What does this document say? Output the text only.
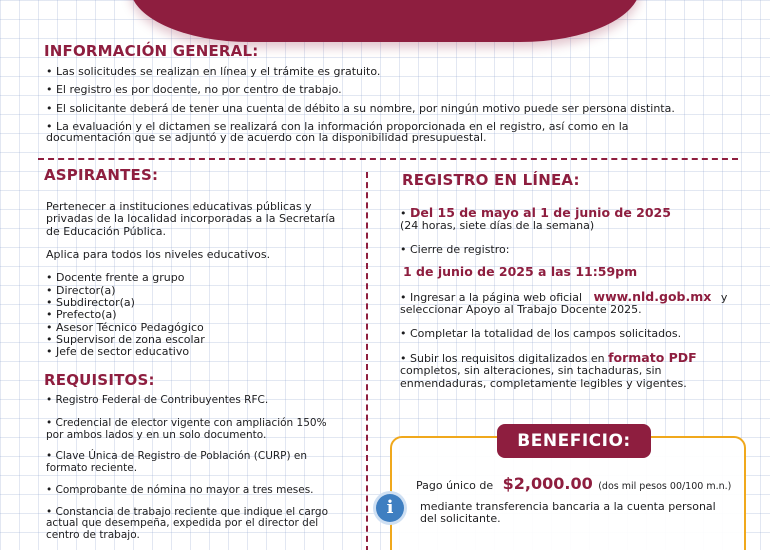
INFORMACIÓN GENERAL:
• Las solicitudes se realizan en línea y el trámite es gratuito.
• El registro es por docente, no por centro de trabajo.
• El solicitante deberá de tener una cuenta de débito a su nombre, por ningún motivo puede ser persona distinta.
• La evaluación y el dictamen se realizará con la información proporcionada en el registro, así como en la documentación que se adjuntó y de acuerdo con la disponibilidad presupuestal.
ASPIRANTES:
Pertenecer a instituciones educativas públicas y privadas de la localidad incorporadas a la Secretaría de Educación Pública.
Aplica para todos los niveles educativos.
• Docente frente a grupo
• Director(a)
• Subdirector(a)
• Prefecto(a)
• Asesor Técnico Pedagógico
• Supervisor de zona escolar
• Jefe de sector educativo
REQUISITOS:
• Registro Federal de Contribuyentes RFC.
• Credencial de elector vigente con ampliación 150% por ambos lados y en un solo documento.
• Clave Única de Registro de Población (CURP) en formato reciente.
• Comprobante de nómina no mayor a tres meses.
• Constancia de trabajo reciente que indique el cargo actual que desempeña, expedida por el director del centro de trabajo.
REGISTRO EN LÍNEA:
• Del 15 de mayo al 1 de junio de 2025
(24 horas, siete días de la semana)
• Cierre de registro:
1 de junio de 2025 a las 11:59pm
• Ingresar a la página web oficial www.nld.gob.mx y
seleccionar Apoyo al Trabajo Docente 2025.
• Completar la totalidad de los campos solicitados.
• Subir los requisitos digitalizados en formato PDF completos, sin alteraciones, sin tachaduras, sin enmendaduras, completamente legibles y vigentes.
BENEFICIO:
Pago único de $2,000.00 (dos mil pesos 00/100 m.n.)
i	mediante transferencia bancaria a la cuenta personal del solicitante.
